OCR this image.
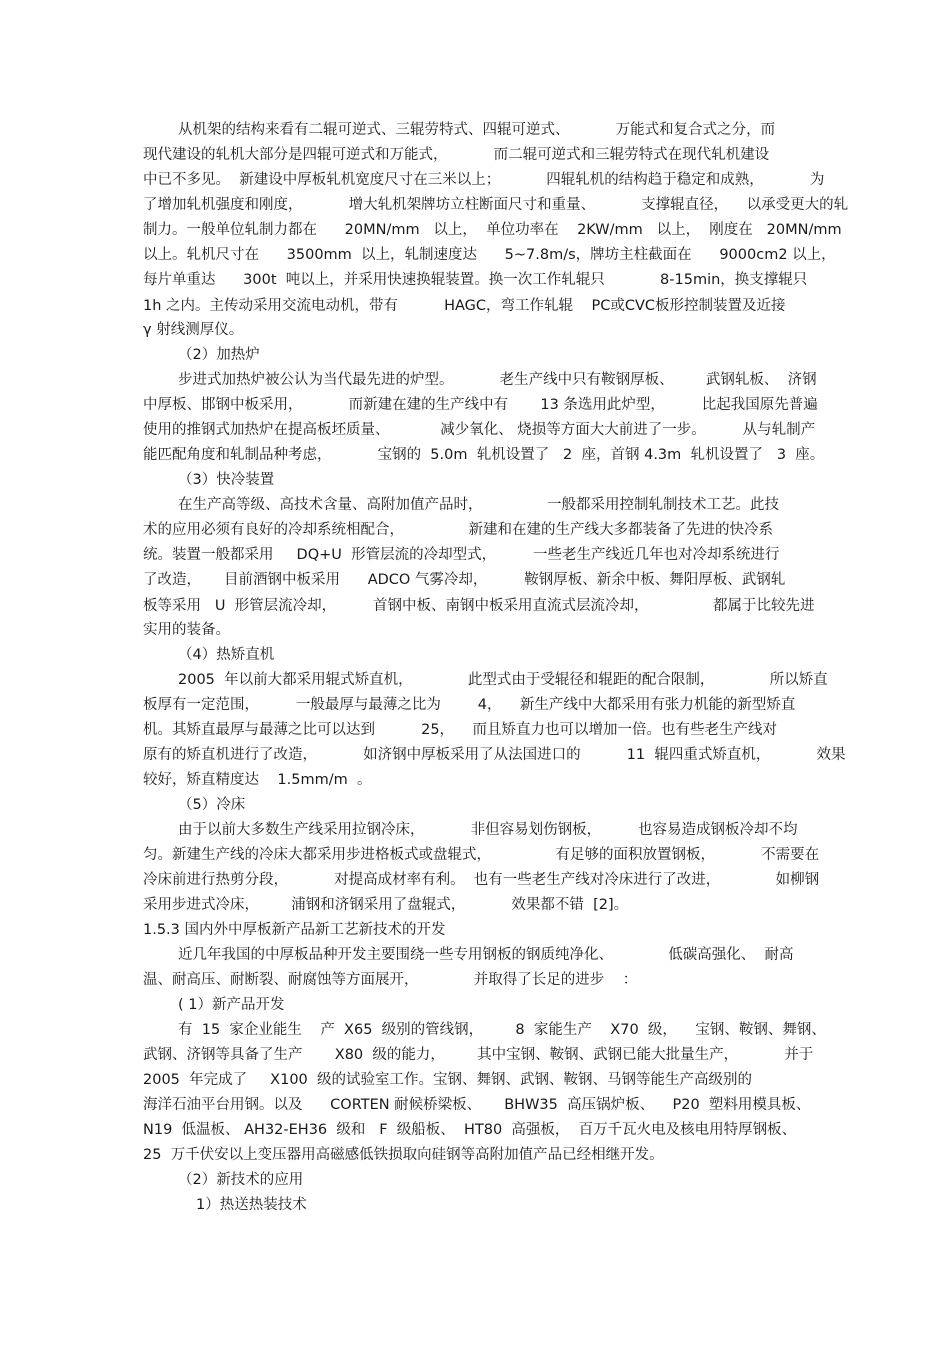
从机架的结构来看有二辊可逆式、三辊劳特式、四辊可逆式、          万能式和复合式之分，而
现代建设的轧机大部分是四辊可逆式和万能式，          而二辊可逆式和三辊劳特式在现代轧机建设
中已不多见。  新建设中厚板轧机宽度尺寸在三米以上；          四辊轧机的结构趋于稳定和成熟，          为
了增加轧机强度和刚度，          增大轧机架牌坊立柱断面尺寸和重量、          支撑辊直径，    以承受更大的轧
制力。一般单位轧制力都在      20MN/mm   以上，  单位功率在    2KW/mm   以上，  刚度在   20MN/mm
以上。轧机尺寸在      3500mm  以上，轧制速度达      5~7.8m/s，牌坊主柱截面在      9000cm2 以上，
每片单重达      300t  吨以上，并采用快速换辊装置。换一次工作轧辊只            8-15min，换支撑辊只
1h 之内。主传动采用交流电动机，带有          HAGC，弯工作轧辊    PC或CVC板形控制装置及近接
γ 射线测厚仪。
（2）加热炉
步进式加热炉被公认为当代最先进的炉型。          老生产线中只有鞍钢厚板、       武钢轧板、  济钢
中厚板、邯钢中板采用，          而新建在建的生产线中有       13 条选用此炉型，        比起我国原先普遍
使用的推钢式加热炉在提高板坯质量、           减少氧化、 烧损等方面大大前进了一步。        从与轧制产
能匹配角度和轧制品种考虑，          宝钢的  5.0m  轧机设置了   2  座，首钢 4.3m  轧机设置了   3  座。
（3）快冷装置
在生产高等级、高技术含量、高附加值产品时，              一般都采用控制轧制技术工艺。此技
术的应用必须有良好的冷却系统相配合，              新建和在建的生产线大多都装备了先进的快冷系
统。装置一般都采用     DQ+U  形管层流的冷却型式，        一些老生产线近几年也对冷却系统进行
了改造，     目前酒钢中板采用      ADCO 气雾冷却，        鞍钢厚板、新余中板、舞阳厚板、武钢轧
板等采用   U  形管层流冷却，        首钢中板、南钢中板采用直流式层流冷却，              都属于比较先进
实用的装备。
（4）热矫直机
2005  年以前大都采用辊式矫直机，            此型式由于受辊径和辊距的配合限制，            所以矫直
板厚有一定范围，        一般最厚与最薄之比为        4，    新生产线中大都采用有张力机能的新型矫直
机。其矫直最厚与最薄之比可以达到          25，    而且矫直力也可以增加一倍。也有些老生产线对
原有的矫直机进行了改造，          如济钢中厚板采用了从法国进口的          11  辊四重式矫直机，          效果
较好，矫直精度达    1.5mm/m  。
（5）冷床
由于以前大多数生产线采用拉钢冷床，          非但容易划伤钢板，        也容易造成钢板冷却不均
匀。新建生产线的冷床大都采用步进格板式或盘辊式，              有足够的面积放置钢板，          不需要在
冷床前进行热剪分段，          对提高成材率有利。  也有一些老生产线对冷床进行了改进，            如柳钢
采用步进式冷床，       浦钢和济钢采用了盘辊式，          效果都不错  [2]。
1.5.3 国内外中厚板新产品新工艺新技术的开发
近几年我国的中厚板品种开发主要围绕一些专用钢板的钢质纯净化、            低碳高强化、  耐高
温、耐高压、耐断裂、耐腐蚀等方面展开，            并取得了长足的进步    ：
( 1）新产品开发
有  15  家企业能生    产  X65  级别的管线钢，       8  家能生产    X70  级，    宝钢、鞍钢、舞钢、
武钢、济钢等具备了生产       X80  级的能力，       其中宝钢、鞍钢、武钢已能大批量生产，          并于
2005  年完成了     X100  级的试验室工作。宝钢、舞钢、武钢、鞍钢、马钢等能生产高级别的
海洋石油平台用钢。以及      CORTEN 耐候桥梁板、     BHW35  高压锅炉板、    P20  塑料用模具板、
N19  低温板、 AH32-EH36  级和   F  级船板、  HT80  高强板，  百万千瓦火电及核电用特厚钢板、
25  万千伏安以上变压器用高磁感低铁损取向硅钢等高附加值产品已经相继开发。
（2）新技术的应用
1）热送热装技术
